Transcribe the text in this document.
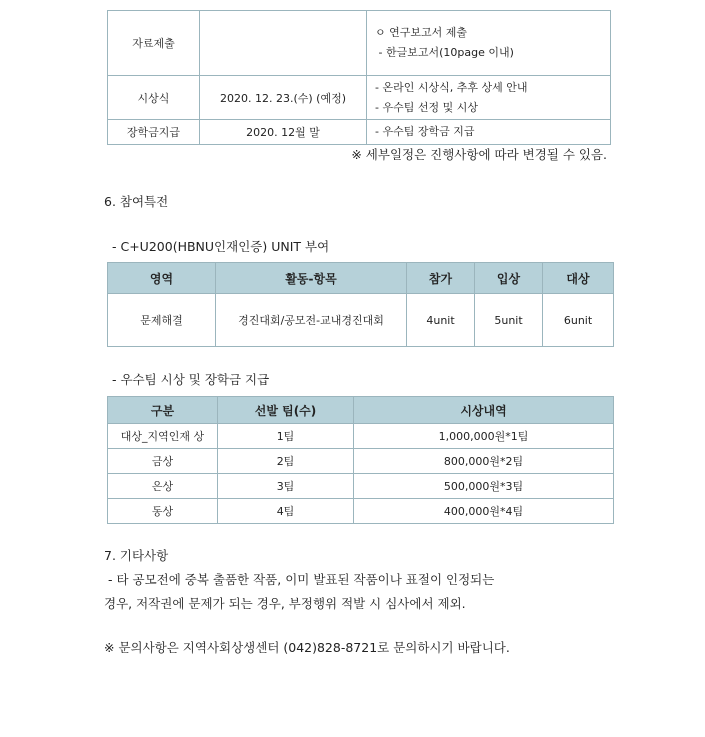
자료제출		ㅇ 연구보고서 제출
- 한글보고서(10page 이내)

시상식	2020. 12. 23.(수) (예정)	- 온라인 시상식, 추후 상세 안내
- 우수팀 선정 및 시상

장학금지급	2020. 12월 말	- 우수팀 장학금 지급
※ 세부일정은 진행사항에 따라 변경될 수 있음.
6. 참여특전
- C+U200(HBNU인재인증) UNIT 부여
영역	활동-항목	참가	입상	대상
문제해결	경진대회/공모전-교내경진대회	4unit	5unit	6unit
- 우수팀 시상 및 장학금 지급
구분	선발 팀(수)	시상내역
대상_지역인재 상	1팀	1,000,000원*1팀
금상	2팀	800,000원*2팀
은상	3팀	500,000원*3팀
동상	4팀	400,000원*4팀
7. 기타사항
- 타 공모전에 중복 출품한 작품, 이미 발표된 작품이나 표절이 인정되는
경우, 저작권에 문제가 되는 경우, 부정행위 적발 시 심사에서 제외.
※ 문의사항은 지역사회상생센터 (042)828-8721로 문의하시기 바랍니다.
